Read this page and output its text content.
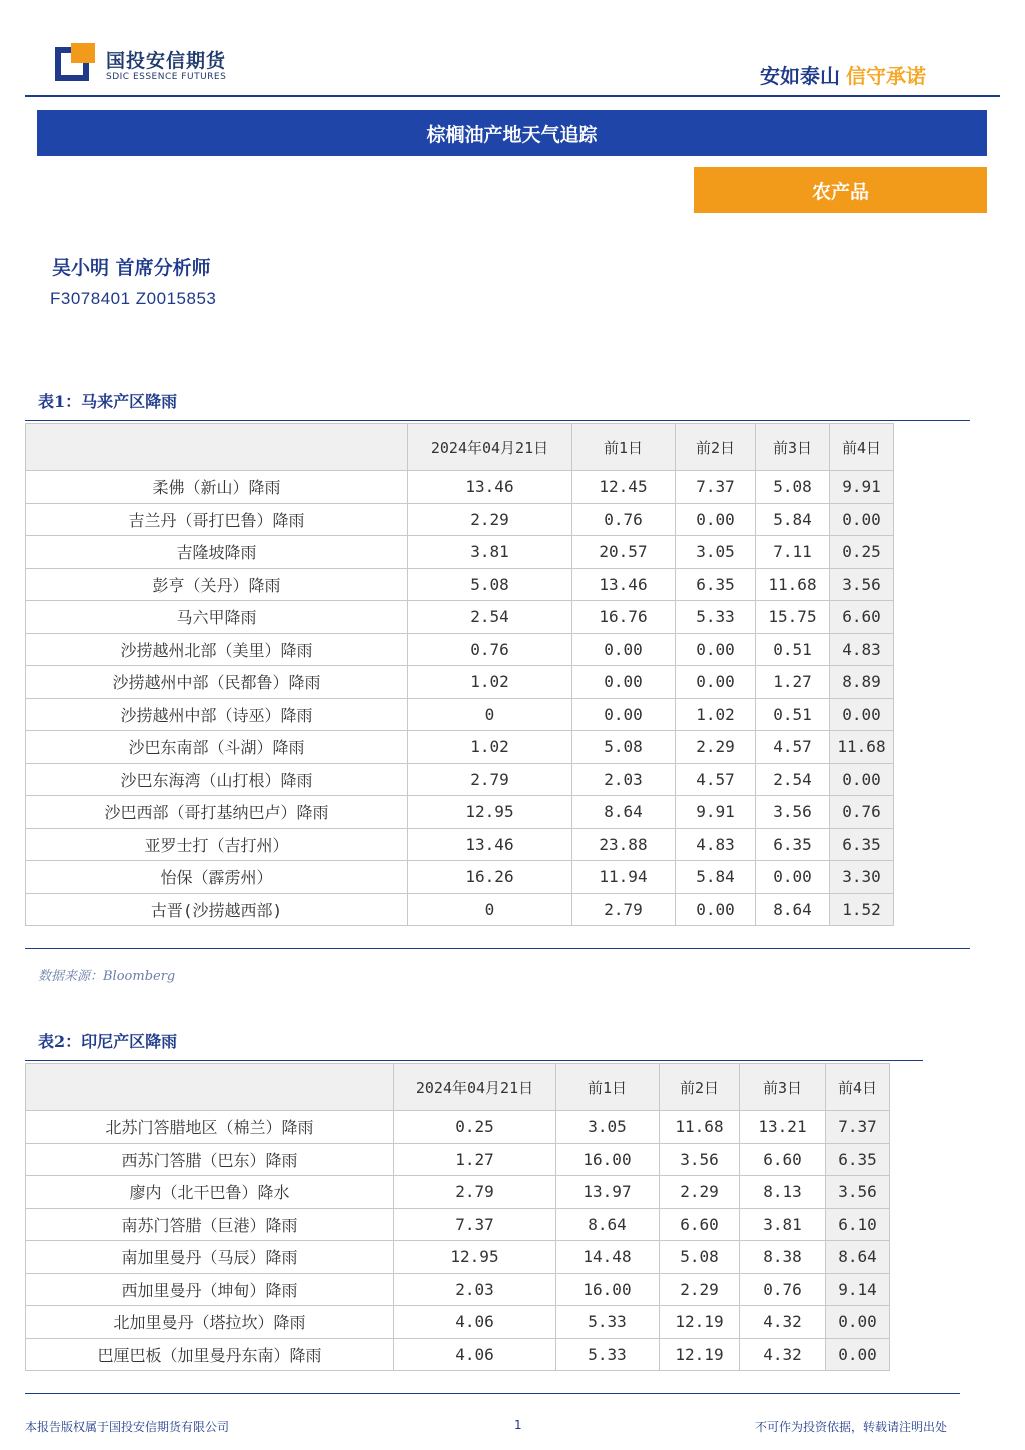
国投安信期货
SDIC ESSENCE FUTURES	安如泰山 信守承诺
棕榈油产地天气追踪
农产品
吴小明 首席分析师
F3078401 Z0015853
表1：马来产区降雨
	2024年04月21日	前1日	前2日	前3日	前4日
柔佛（新山）降雨	13.46	12.45	7.37	5.08	9.91
吉兰丹（哥打巴鲁）降雨	2.29	0.76	0.00	5.84	0.00
吉隆坡降雨	3.81	20.57	3.05	7.11	0.25
彭亨（关丹）降雨	5.08	13.46	6.35	11.68	3.56
马六甲降雨	2.54	16.76	5.33	15.75	6.60
沙捞越州北部（美里）降雨	0.76	0.00	0.00	0.51	4.83
沙捞越州中部（民都鲁）降雨	1.02	0.00	0.00	1.27	8.89
沙捞越州中部（诗巫）降雨	0	0.00	1.02	0.51	0.00
沙巴东南部（斗湖）降雨	1.02	5.08	2.29	4.57	11.68
沙巴东海湾（山打根）降雨	2.79	2.03	4.57	2.54	0.00
沙巴西部（哥打基纳巴卢）降雨	12.95	8.64	9.91	3.56	0.76
亚罗士打（吉打州）	13.46	23.88	4.83	6.35	6.35
怡保（霹雳州）	16.26	11.94	5.84	0.00	3.30
古晋(沙捞越西部)	0	2.79	0.00	8.64	1.52
数据来源：Bloomberg
表2：印尼产区降雨
	2024年04月21日	前1日	前2日	前3日	前4日
北苏门答腊地区（棉兰）降雨	0.25	3.05	11.68	13.21	7.37
西苏门答腊（巴东）降雨	1.27	16.00	3.56	6.60	6.35
廖内（北干巴鲁）降水	2.79	13.97	2.29	8.13	3.56
南苏门答腊（巨港）降雨	7.37	8.64	6.60	3.81	6.10
南加里曼丹（马辰）降雨	12.95	14.48	5.08	8.38	8.64
西加里曼丹（坤甸）降雨	2.03	16.00	2.29	0.76	9.14
北加里曼丹（塔拉坎）降雨	4.06	5.33	12.19	4.32	0.00
巴厘巴板（加里曼丹东南）降雨	4.06	5.33	12.19	4.32	0.00
本报告版权属于国投安信期货有限公司	1	不可作为投资依据，转载请注明出处
